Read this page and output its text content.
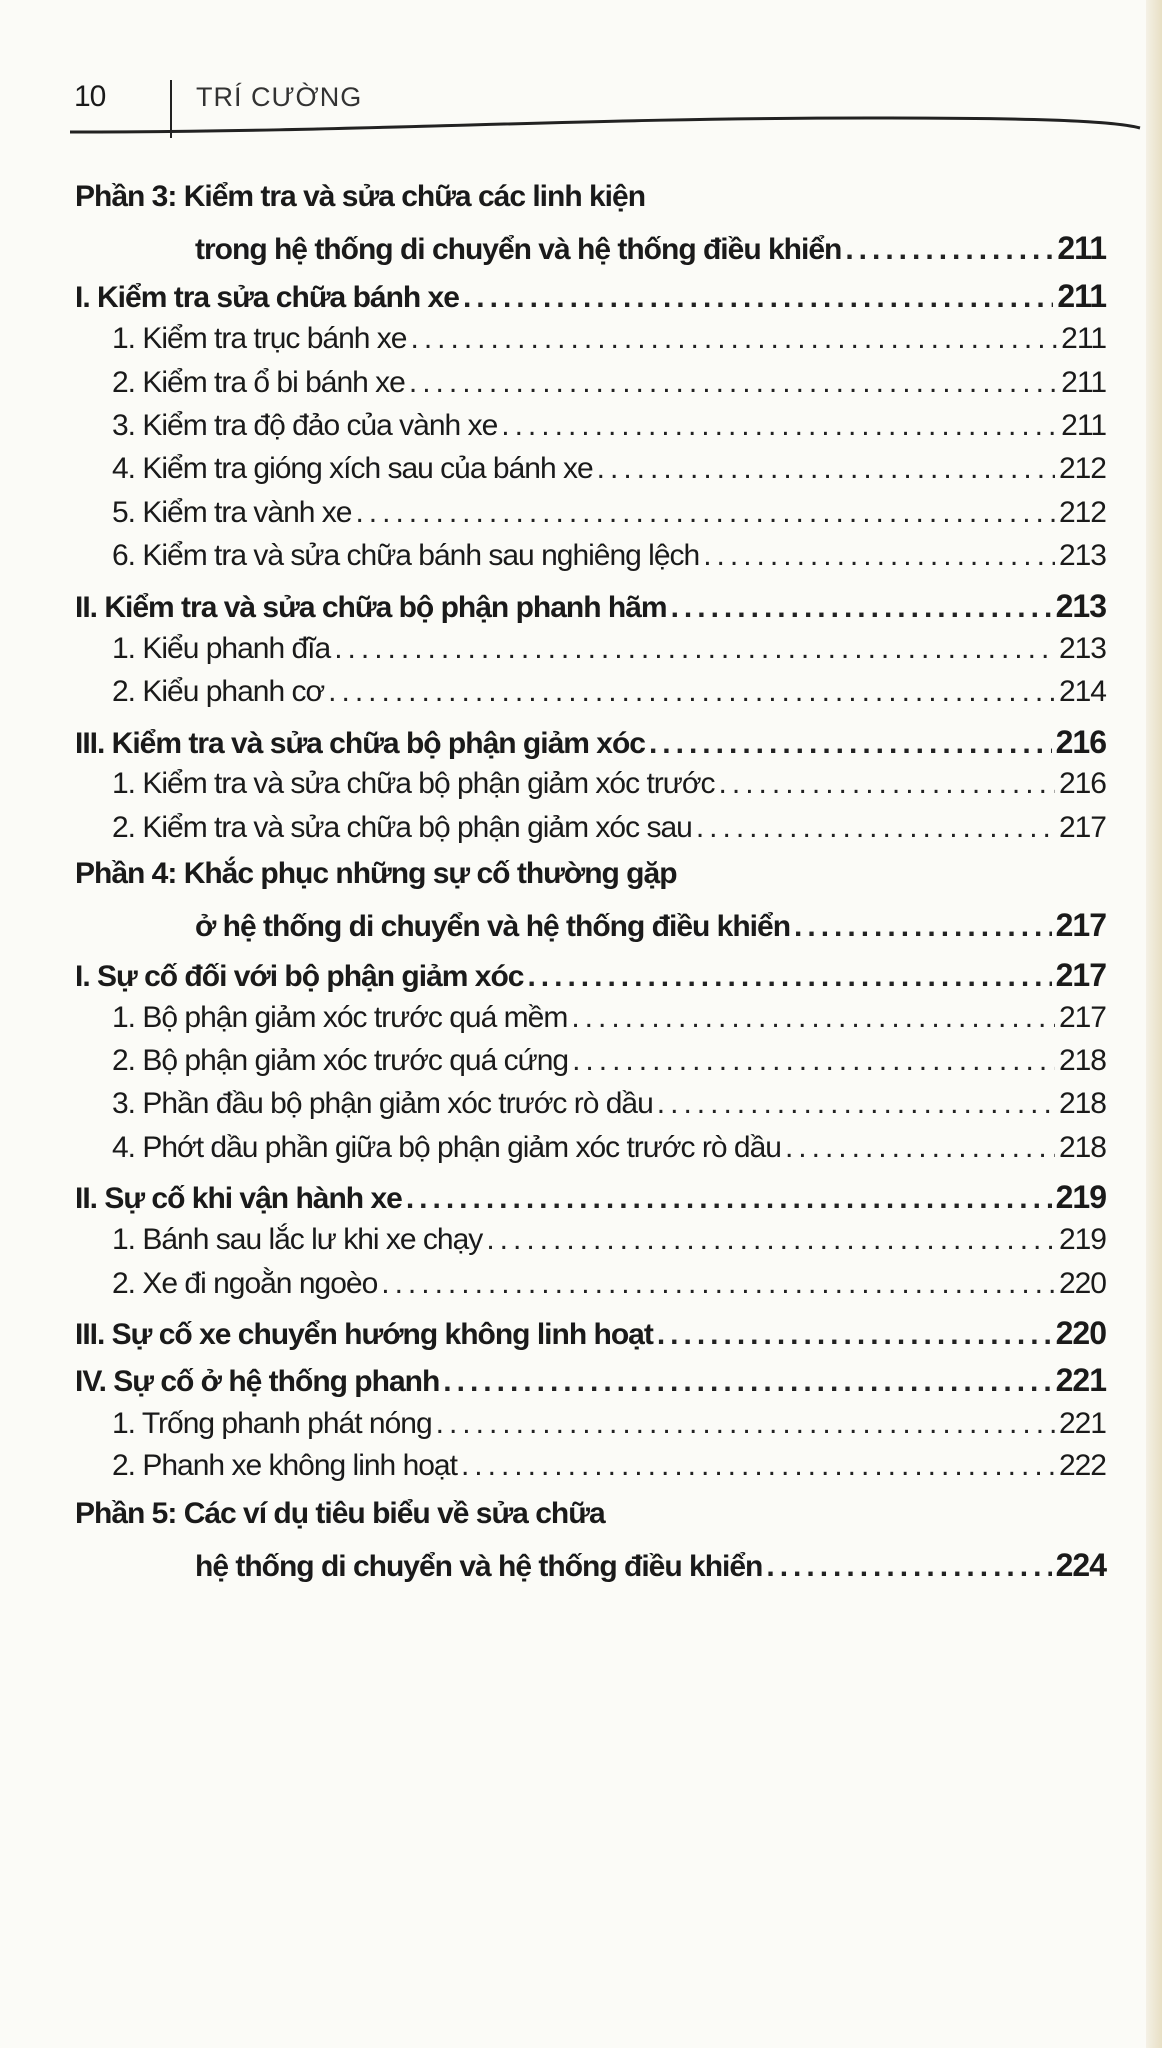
10	TRÍ CƯỜNG
Phần 3: Kiểm tra và sửa chữa các linh kiện
trong hệ thống di chuyển và hệ thống điều khiển .....	211
I. Kiểm tra sửa chữa bánh xe .....	211
1. Kiểm tra trục bánh xe .....	211
2. Kiểm tra ổ bi bánh xe .....	211
3. Kiểm tra độ đảo của vành xe .....	211
4. Kiểm tra gióng xích sau của bánh xe .....	212
5. Kiểm tra vành xe .....	212
6. Kiểm tra và sửa chữa bánh sau nghiêng lệch .....	213
II. Kiểm tra và sửa chữa bộ phận phanh hãm .....	213
1. Kiểu phanh đĩa .....	213
2. Kiểu phanh cơ .....	214
III. Kiểm tra và sửa chữa bộ phận giảm xóc .....	216
1. Kiểm tra và sửa chữa bộ phận giảm xóc trước .....	216
2. Kiểm tra và sửa chữa bộ phận giảm xóc sau .....	217
Phần 4: Khắc phục những sự cố thường gặp
ở hệ thống di chuyển và hệ thống điều khiển .....	217
I. Sự cố đối với bộ phận giảm xóc .....	217
1. Bộ phận giảm xóc trước quá mềm .....	217
2. Bộ phận giảm xóc trước quá cứng .....	218
3. Phần đầu bộ phận giảm xóc trước rò dầu .....	218
4. Phớt dầu phần giữa bộ phận giảm xóc trước rò dầu .....	218
II. Sự cố khi vận hành xe .....	219
1. Bánh sau lắc lư khi xe chạy .....	219
2. Xe đi ngoằn ngoèo .....	220
III. Sự cố xe chuyển hướng không linh hoạt .....	220
IV. Sự cố ở hệ thống phanh .....	221
1. Trống phanh phát nóng .....	221
2. Phanh xe không linh hoạt .....	222
Phần 5: Các ví dụ tiêu biểu về sửa chữa
hệ thống di chuyển và hệ thống điều khiển .....	224
